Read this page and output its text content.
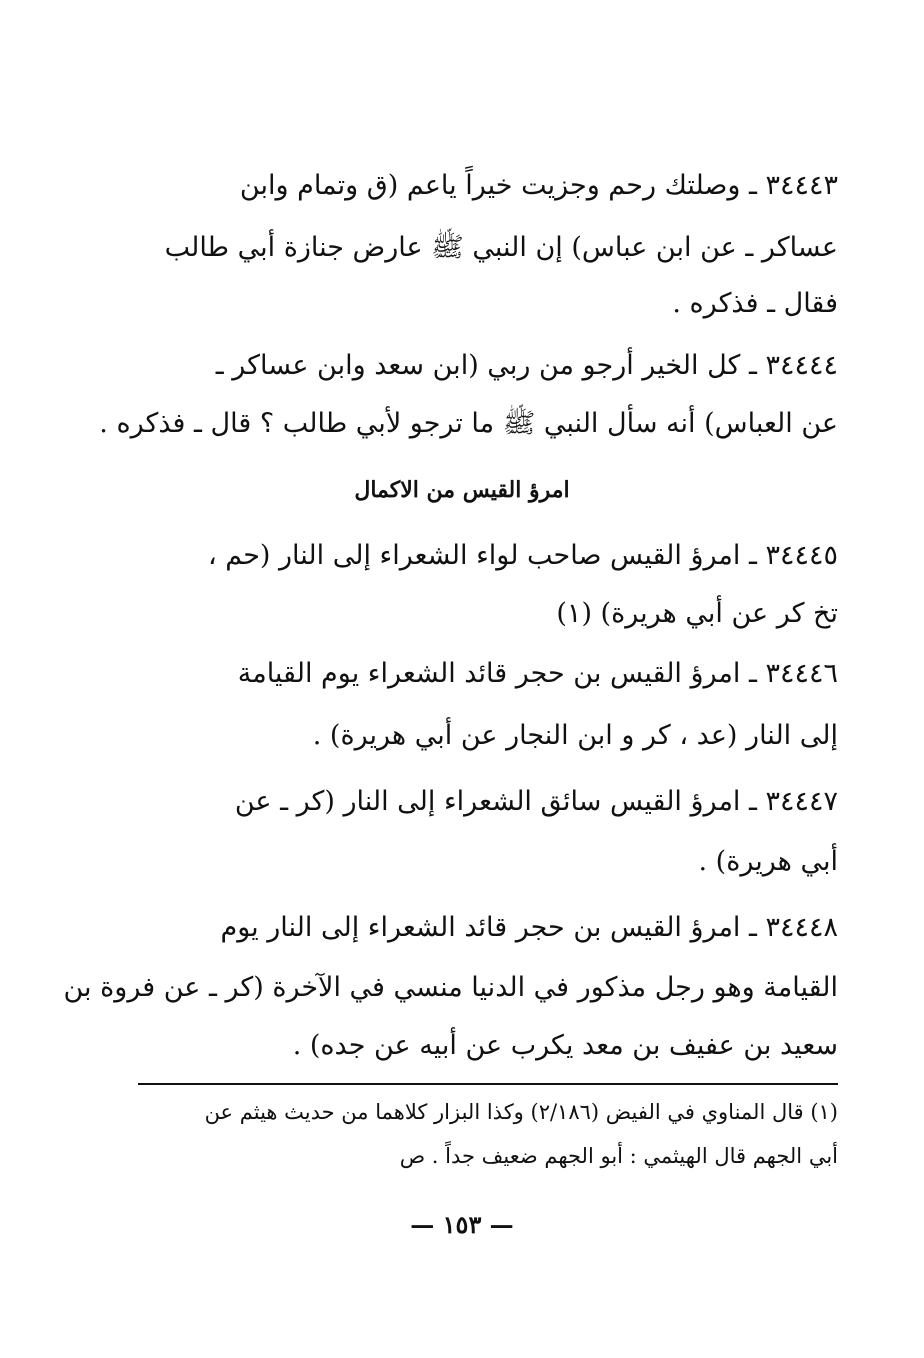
٣٤٤٤٣ ـ وصلتك رحم وجزيت خيراً ياعم (ق وتمام وابن
عساكر ـ عن ابن عباس) إن النبي ﷺ عارض جنازة أبي طالب
فقال ـ فذكره .
٣٤٤٤٤ ـ كل الخير أرجو من ربي (ابن سعد وابن عساكر ـ
عن العباس) أنه سأل النبي ﷺ ما ترجو لأبي طالب ؟ قال ـ فذكره .
امرؤ القيس من الاكمال
٣٤٤٤٥ ـ امرؤ القيس صاحب لواء الشعراء إلى النار (حم ،
تخ كر عن أبي هريرة) (١)
٣٤٤٤٦ ـ امرؤ القيس بن حجر قائد الشعراء يوم القيامة
إلى النار (عد ، كر و ابن النجار عن أبي هريرة) .
٣٤٤٤٧ ـ امرؤ القيس سائق الشعراء إلى النار (كر ـ عن
أبي هريرة) .
٣٤٤٤٨ ـ امرؤ القيس بن حجر قائد الشعراء إلى النار يوم
القيامة وهو رجل مذكور في الدنيا منسي في الآخرة (كر ـ عن فروة بن
سعيد بن عفيف بن معد يكرب عن أبيه عن جده) .
(١) قال المناوي في الفيض (٢/١٨٦) وكذا البزار كلاهما من حديث هيثم عن
أبي الجهم قال الهيثمي : أبو الجهم ضعيف جداً . ص
— ١٥٣ —
